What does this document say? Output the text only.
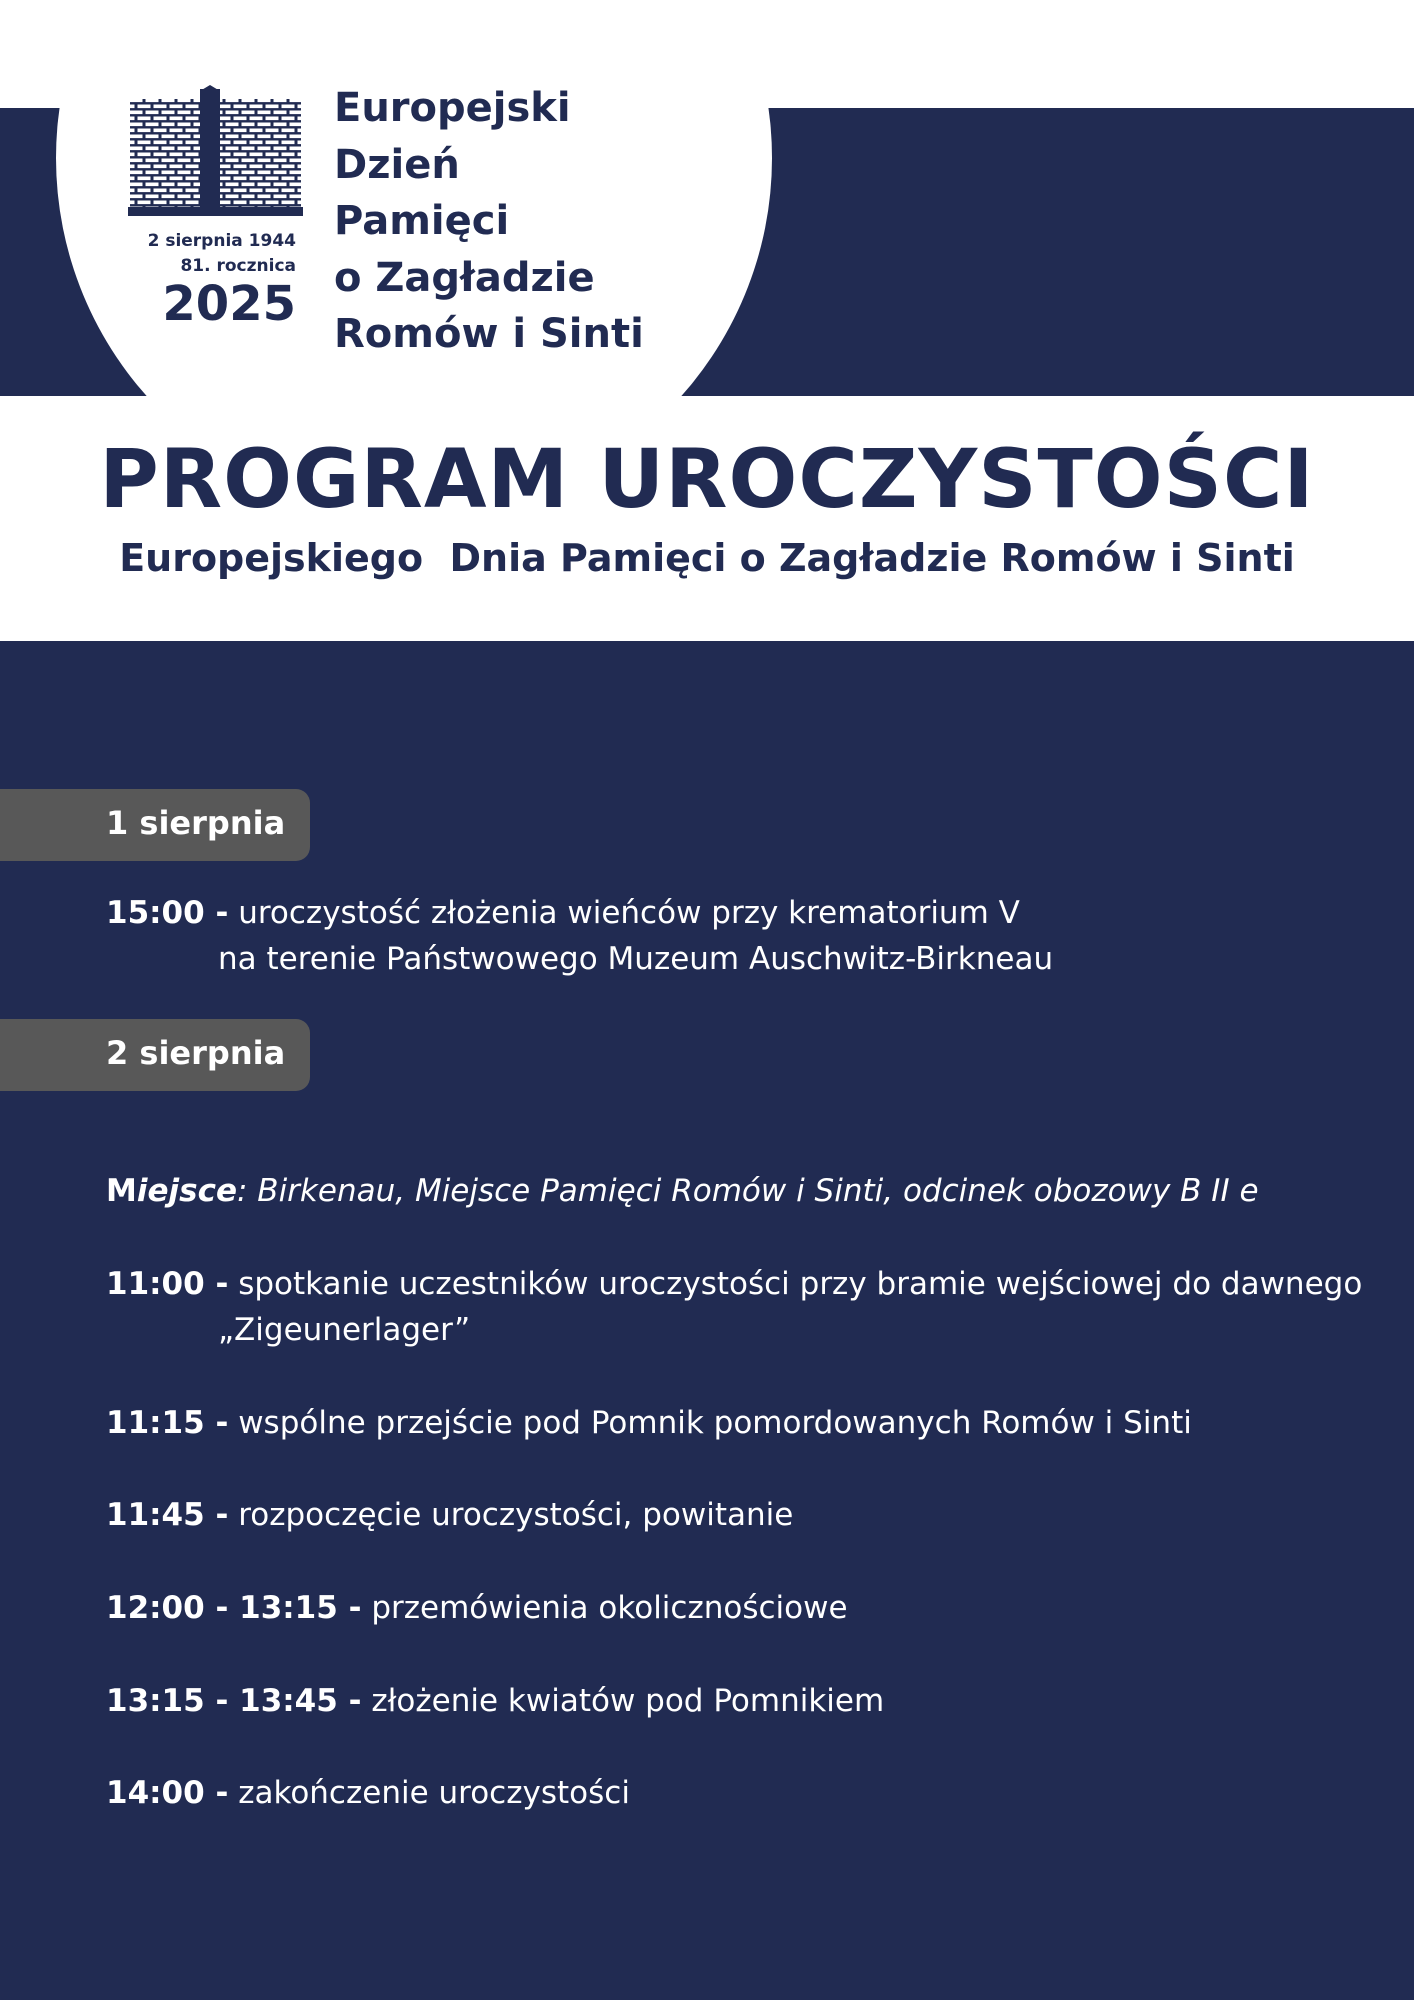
2 sierpnia 1944
81. rocznica
2025
Europejski
Dzień
Pamięci
o Zagładzie
Romów i Sinti
PROGRAM UROCZYSTOŚCI
Europejskiego  Dnia Pamięci o Zagładzie Romów i Sinti
1 sierpnia
15:00 - uroczystość złożenia wieńców przy krematorium V
na terenie Państwowego Muzeum Auschwitz-Birkneau
2 sierpnia
Miejsce: Birkenau, Miejsce Pamięci Romów i Sinti, odcinek obozowy B II e
11:00 - spotkanie uczestników uroczystości przy bramie wejściowej do dawnego
„Zigeunerlager”
11:15 - wspólne przejście pod Pomnik pomordowanych Romów i Sinti
11:45 - rozpoczęcie uroczystości, powitanie
12:00 - 13:15 - przemówienia okolicznościowe
13:15 - 13:45 - złożenie kwiatów pod Pomnikiem
14:00 - zakończenie uroczystości
